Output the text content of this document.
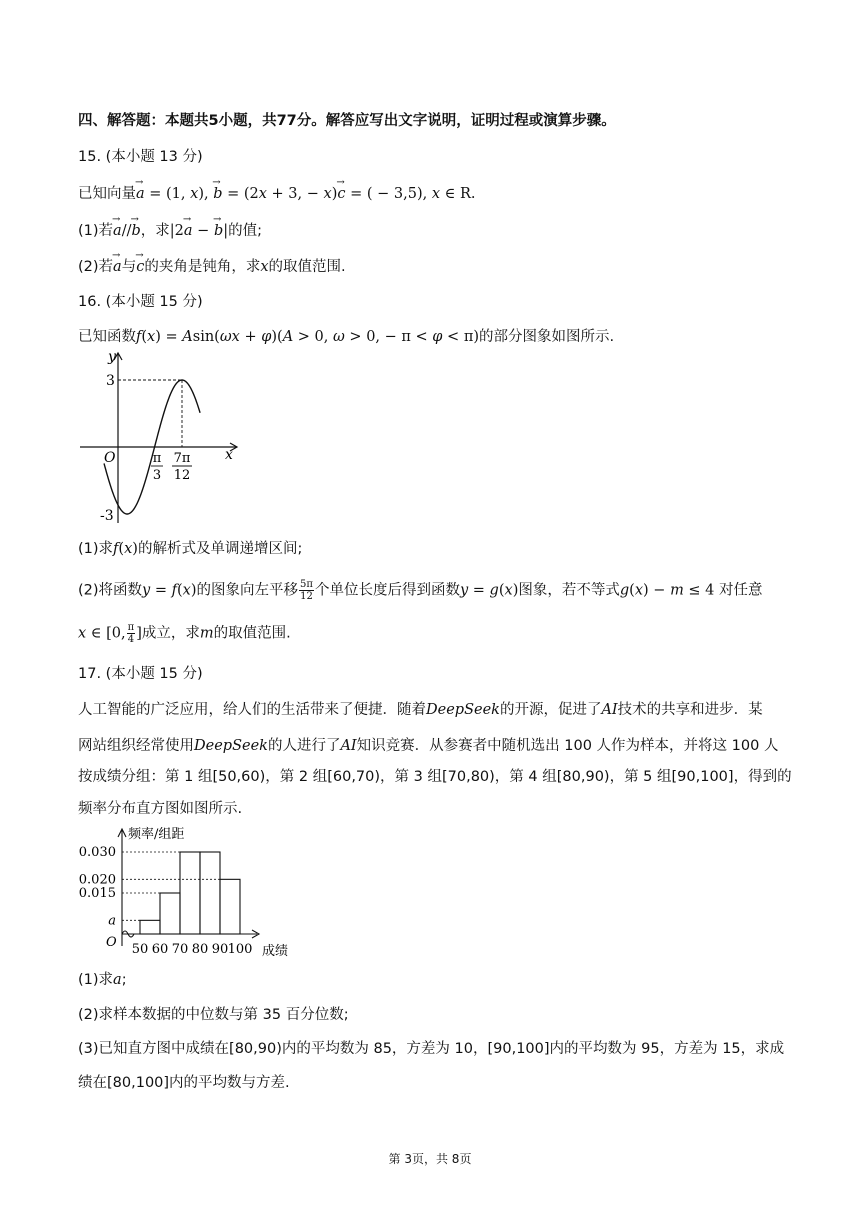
四、解答题：本题共5小题，共77分。解答应写出文字说明，证明过程或演算步骤。
15. (本小题 13 分)
已知向量→ a = (1, x), → b = (2x + 3, − x)→ c = ( − 3,5), x ∈ R.
(1)若→ a//→ b，求|2→ a − → b|的值;
(2)若→ a与→ c的夹角是钝角，求x的取值范围.
16. (本小题 15 分)
已知函数f(x) = Asin(ωx + φ)(A > 0, ω > 0, − π < φ < π)的部分图象如图所示.
y
x
O
3
-3
π
3
7π
12
(1)求f(x)的解析式及单调递增区间;
(2)将函数y = f(x)的图象向左平移 $\frac{5\pi}{12}$ 个单位长度后得到函数y = g(x)图象，若不等式g(x) − m ≤ 4 对任意
x ∈ [0, $\frac{\pi}{4}$ ]成立，求m的取值范围.
17. (本小题 15 分)
人工智能的广泛应用，给人们的生活带来了便捷．随着DeepSeek的开源，促进了AI技术的共享和进步．某
网站组织经常使用DeepSeek的人进行了AI知识竞赛．从参赛者中随机选出 100 人作为样本，并将这 100 人
按成绩分组：第 1 组[50,60)，第 2 组[60,70)，第 3 组[70,80)，第 4 组[80,90)，第 5 组[90,100]，得到的
频率分布直方图如图所示.
0.030
0.020
0.015
a
50 60 70 80 90 100
频率/组距
成绩
O
(1)求a;
(2)求样本数据的中位数与第 35 百分位数;
(3)已知直方图中成绩在[80,90)内的平均数为 85，方差为 10，[90,100]内的平均数为 95，方差为 15，求成
绩在[80,100]内的平均数与方差.
第 3页，共 8页
